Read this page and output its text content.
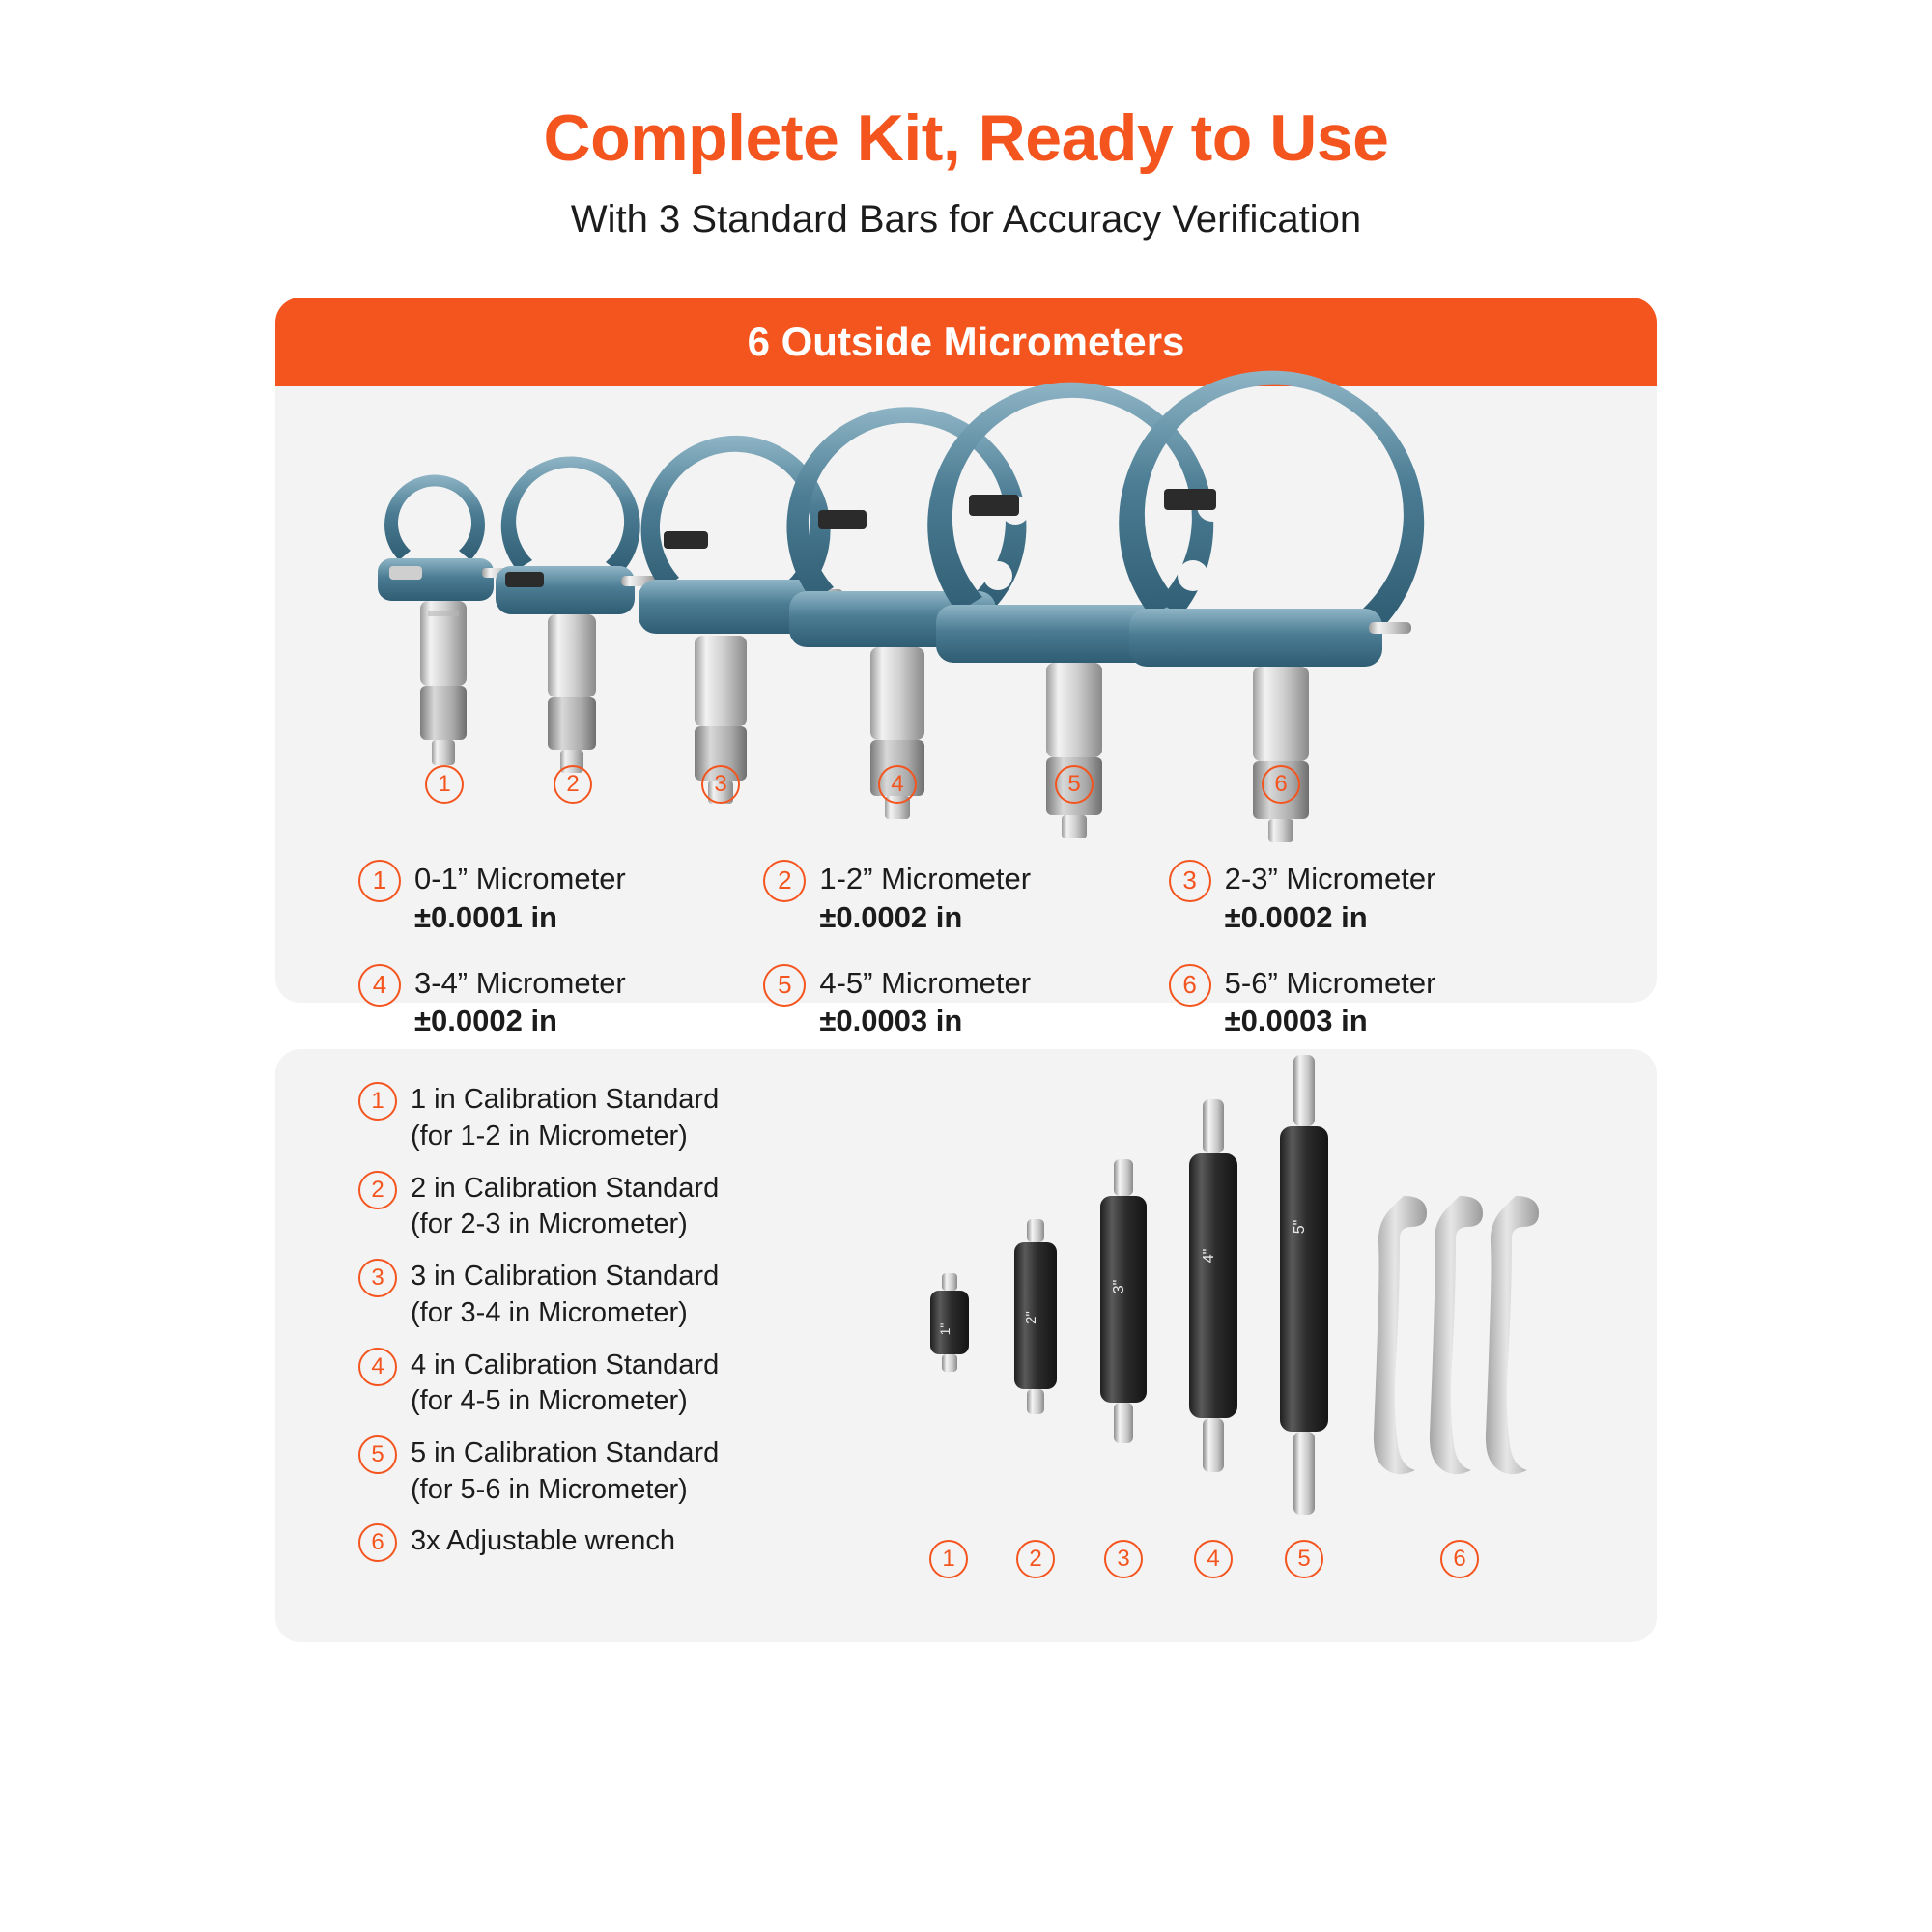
Complete Kit, Ready to Use

With 3 Standard Bars for Accuracy Verification

6 Outside Micrometers
1	2	3	4	5	6
1 0-1” Micrometer
±0.0001 in
2 1-2” Micrometer
±0.0002 in
3 2-3” Micrometer
±0.0002 in
4 3-4” Micrometer
±0.0002 in
5 4-5” Micrometer
±0.0003 in
6 5-6” Micrometer
±0.0003 in
1 1 in Calibration Standard
(for 1-2 in Micrometer)
2 2 in Calibration Standard
(for 2-3 in Micrometer)
3 3 in Calibration Standard
(for 3-4 in Micrometer)
4 4 in Calibration Standard
(for 4-5 in Micrometer)
5 5 in Calibration Standard
(for 5-6 in Micrometer)
6 3x Adjustable wrench
1"
2"
3"
4"
5"
1	2	3	4	5	6
